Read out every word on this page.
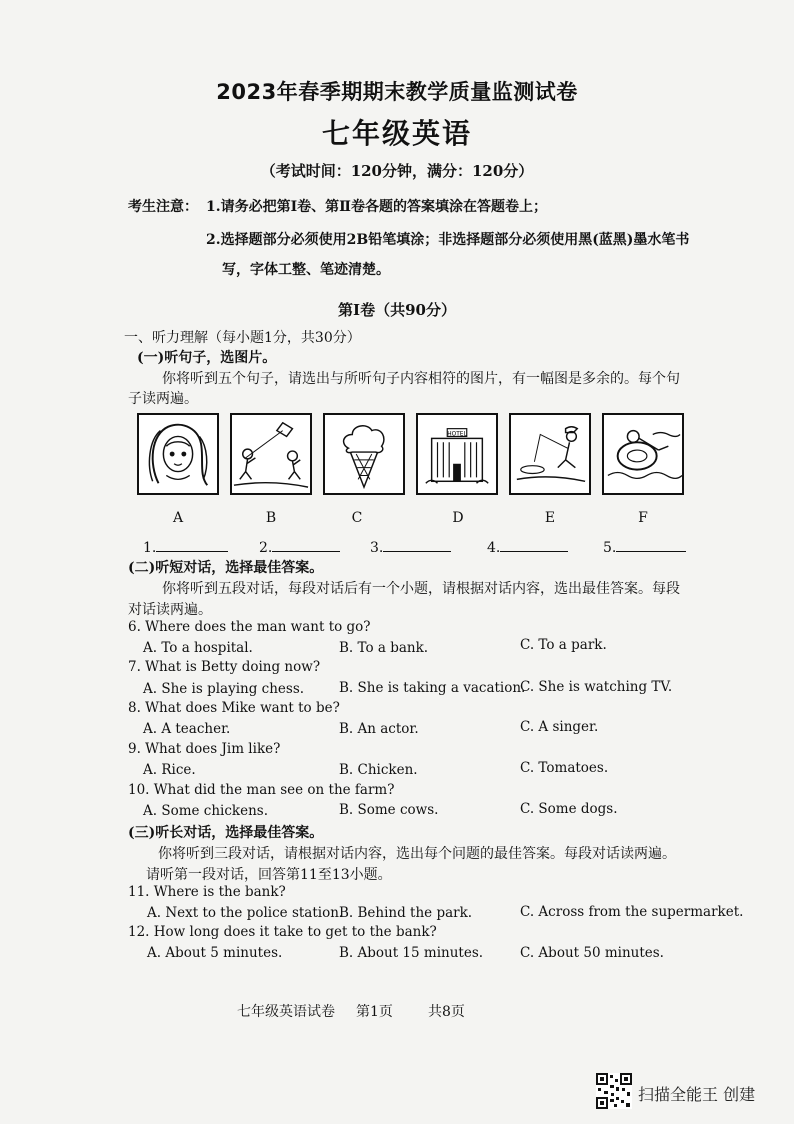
2023年春季期期末教学质量监测试卷
七年级英语
（考试时间：120分钟，满分：120分）
考生注意： 1.请务必把第Ⅰ卷、第Ⅱ卷各题的答案填涂在答题卷上；
2.选择题部分必须使用2B铅笔填涂；非选择题部分必须使用黑(蓝黑)墨水笔书
写，字体工整、笔迹清楚。
第Ⅰ卷（共90分）
一、听力理解（每小题1分，共30分）
(一)听句子，选图片。
你将听到五个句子，请选出与所听句子内容相符的图片，有一幅图是多余的。每个句
子读两遍。
HOTEL
A	B	C	D	E	F
1.	2.	3.	4.	5.
(二)听短对话，选择最佳答案。
你将听到五段对话，每段对话后有一个小题，请根据对话内容，选出最佳答案。每段
对话读两遍。
6. Where does the man want to go?
A. To a hospital.	B. To a bank.	C. To a park.
7. What is Betty doing now?
A. She is playing chess.	B. She is taking a vacation.
C. She is watching TV.
8. What does Mike want to be?
A. A teacher.	B. An actor.	C. A singer.
9. What does Jim like?
A. Rice.	B. Chicken.	C. Tomatoes.
10. What did the man see on the farm?
A. Some chickens.	B. Some cows.	C. Some dogs.
(三)听长对话，选择最佳答案。
你将听到三段对话，请根据对话内容，选出每个问题的最佳答案。每段对话读两遍。
请听第一段对话，回答第11至13小题。
11. Where is the bank?
A. Next to the police station.
B. Behind the park.	C. Across from the supermarket.
12. How long does it take to get to the bank?
A. About 5 minutes.	B. About 15 minutes.	C. About 50 minutes.
七年级英语试卷 第1页	共8页
扫描全能王 创建
